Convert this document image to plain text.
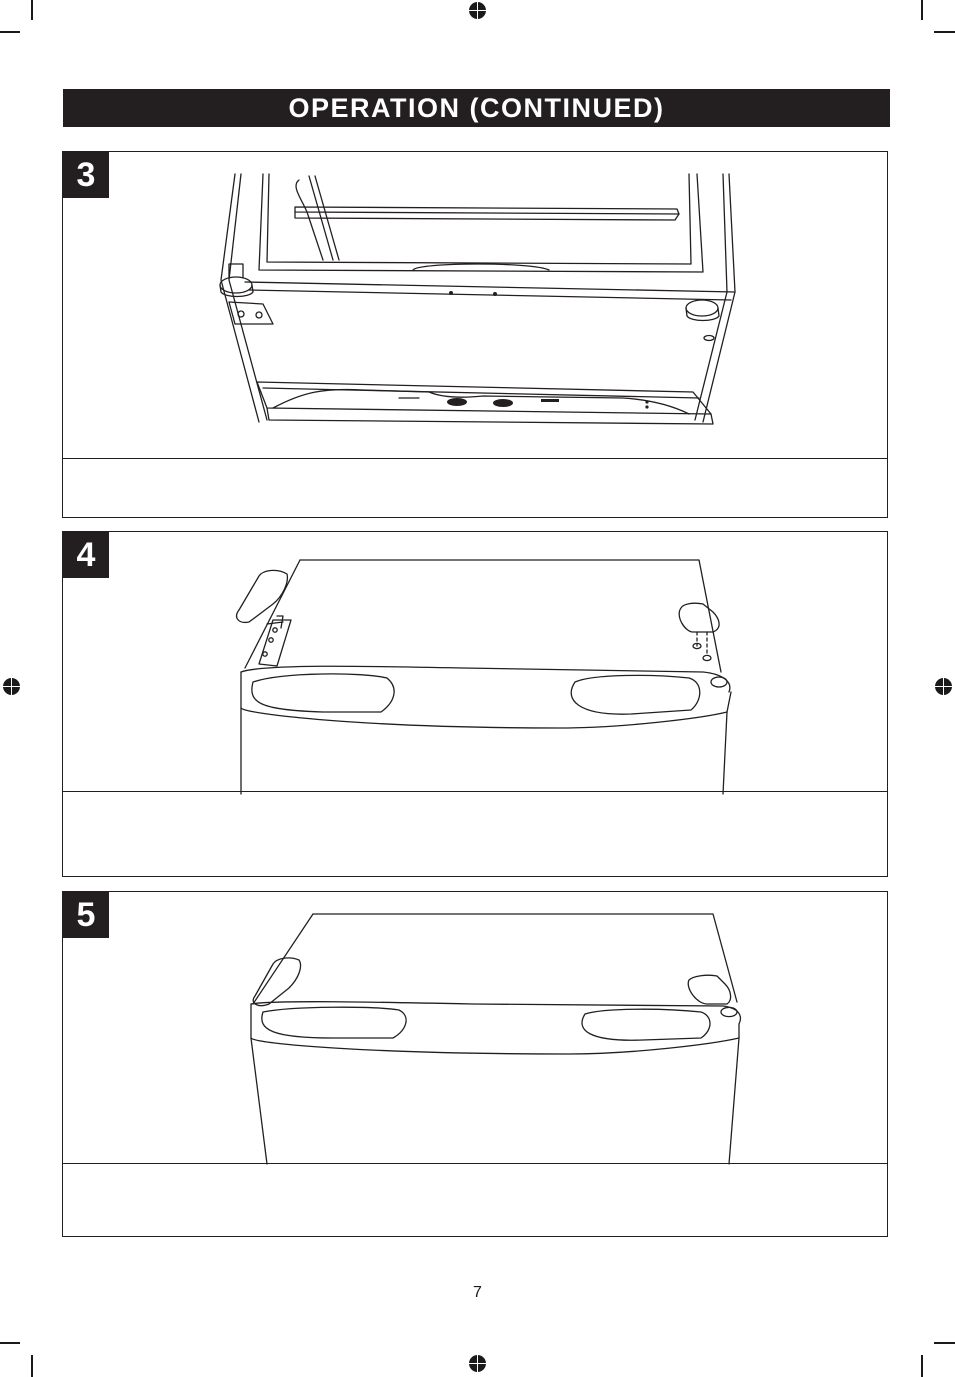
OPERATION (CONTINUED)
3
4
5
7
